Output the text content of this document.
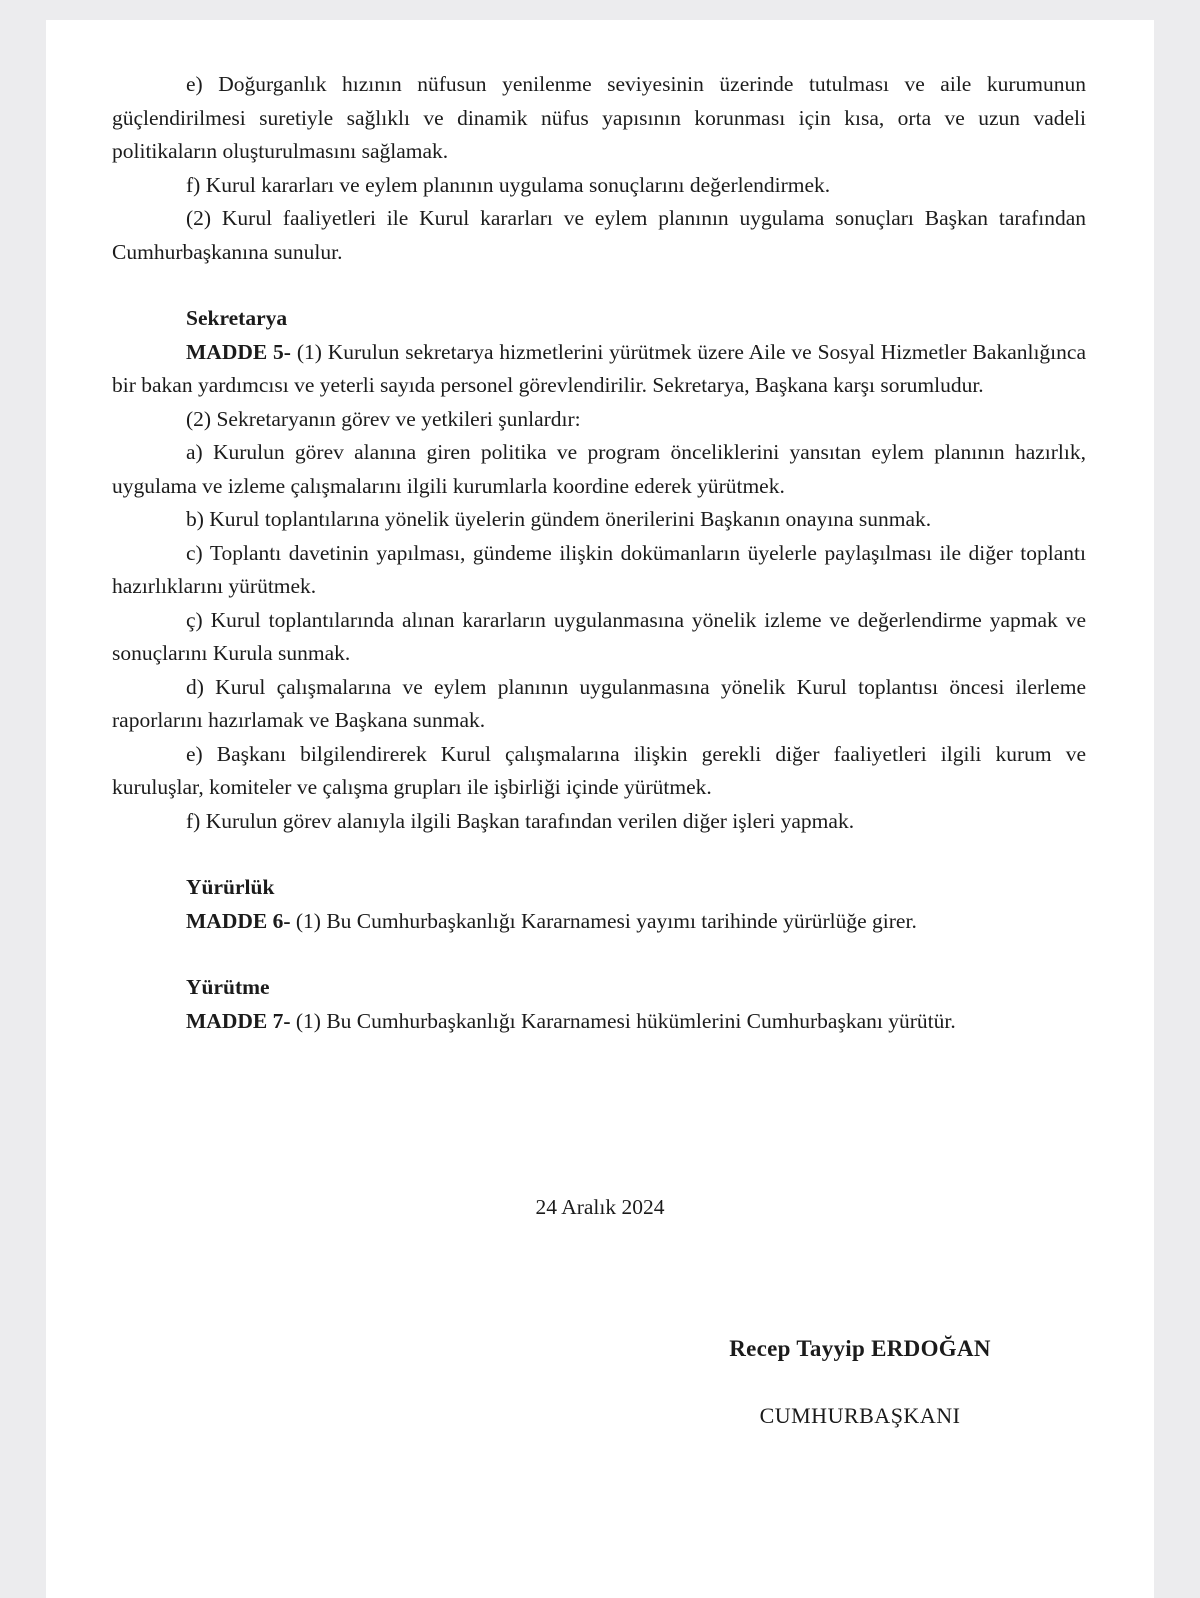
e) Doğurganlık hızının nüfusun yenilenme seviyesinin üzerinde tutulması ve aile kurumunun güçlendirilmesi suretiyle sağlıklı ve dinamik nüfus yapısının korunması için kısa, orta ve uzun vadeli politikaların oluşturulmasını sağlamak.

f) Kurul kararları ve eylem planının uygulama sonuçlarını değerlendirmek.

(2) Kurul faaliyetleri ile Kurul kararları ve eylem planının uygulama sonuçları Başkan tarafından Cumhurbaşkanına sunulur.

Sekretarya

MADDE 5- (1) Kurulun sekretarya hizmetlerini yürütmek üzere Aile ve Sosyal Hizmetler Bakanlığınca bir bakan yardımcısı ve yeterli sayıda personel görevlendirilir. Sekretarya, Başkana karşı sorumludur.

(2) Sekretaryanın görev ve yetkileri şunlardır:

a) Kurulun görev alanına giren politika ve program önceliklerini yansıtan eylem planının hazırlık, uygulama ve izleme çalışmalarını ilgili kurumlarla koordine ederek yürütmek.

b) Kurul toplantılarına yönelik üyelerin gündem önerilerini Başkanın onayına sunmak.

c) Toplantı davetinin yapılması, gündeme ilişkin dokümanların üyelerle paylaşılması ile diğer toplantı hazırlıklarını yürütmek.

ç) Kurul toplantılarında alınan kararların uygulanmasına yönelik izleme ve değerlendirme yapmak ve sonuçlarını Kurula sunmak.

d) Kurul çalışmalarına ve eylem planının uygulanmasına yönelik Kurul toplantısı öncesi ilerleme raporlarını hazırlamak ve Başkana sunmak.

e) Başkanı bilgilendirerek Kurul çalışmalarına ilişkin gerekli diğer faaliyetleri ilgili kurum ve kuruluşlar, komiteler ve çalışma grupları ile işbirliği içinde yürütmek.

f) Kurulun görev alanıyla ilgili Başkan tarafından verilen diğer işleri yapmak.

Yürürlük

MADDE 6- (1) Bu Cumhurbaşkanlığı Kararnamesi yayımı tarihinde yürürlüğe girer.

Yürütme

MADDE 7- (1) Bu Cumhurbaşkanlığı Kararnamesi hükümlerini Cumhurbaşkanı yürütür.

24 Aralık 2024
Recep Tayyip ERDOĞAN
CUMHURBAŞKANI
